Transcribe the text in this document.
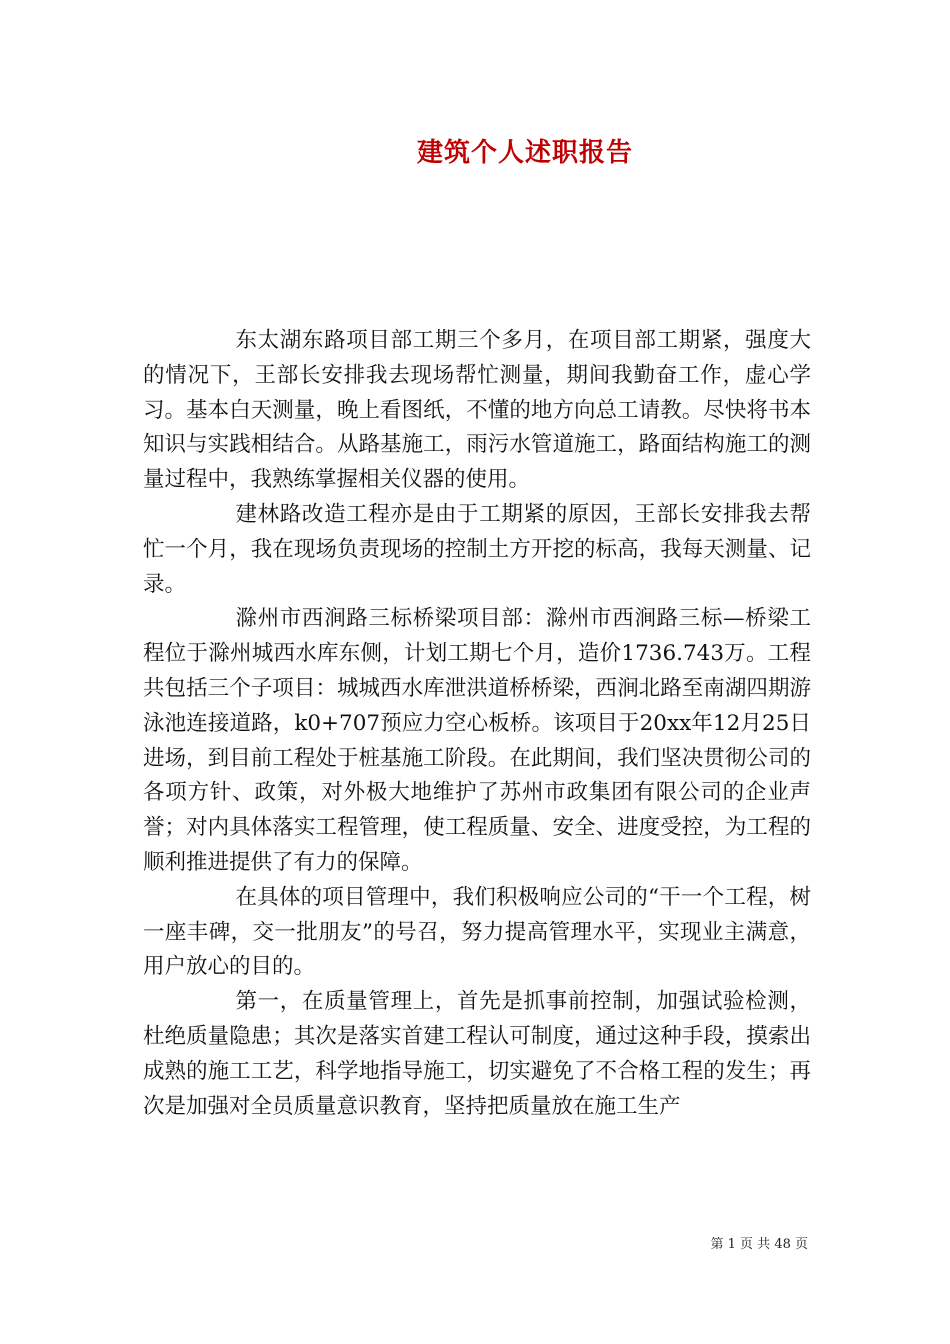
建筑个人述职报告

东太湖东路项目部工期三个多月，在项目部工期紧，强度大的情况下，王部长安排我去现场帮忙测量，期间我勤奋工作，虚心学习。基本白天测量，晚上看图纸，不懂的地方向总工请教。尽快将书本知识与实践相结合。从路基施工，雨污水管道施工，路面结构施工的测量过程中，我熟练掌握相关仪器的使用。

建林路改造工程亦是由于工期紧的原因，王部长安排我去帮忙一个月，我在现场负责现场的控制土方开挖的标高，我每天测量、记录。

滁州市西涧路三标桥梁项目部：滁州市西涧路三标—桥梁工程位于滁州城西水库东侧，计划工期七个月，造价1736.743万。工程共包括三个子项目：城城西水库泄洪道桥桥梁，西涧北路至南湖四期游泳池连接道路，k0+707预应力空心板桥。该项目于20xx年12月25日进场，到目前工程处于桩基施工阶段。在此期间，我们坚决贯彻公司的各项方针、政策，对外极大地维护了苏州市政集团有限公司的企业声誉；对内具体落实工程管理，使工程质量、安全、进度受控，为工程的顺利推进提供了有力的保障。

在具体的项目管理中，我们积极响应公司的“干一个工程，树一座丰碑，交一批朋友”的号召，努力提高管理水平，实现业主满意，用户放心的目的。

第一，在质量管理上，首先是抓事前控制，加强试验检测，杜绝质量隐患；其次是落实首建工程认可制度，通过这种手段，摸索出成熟的施工工艺，科学地指导施工，切实避免了不合格工程的发生；再次是加强对全员质量意识教育，坚持把质量放在施工生产

第 1 页 共 48 页
